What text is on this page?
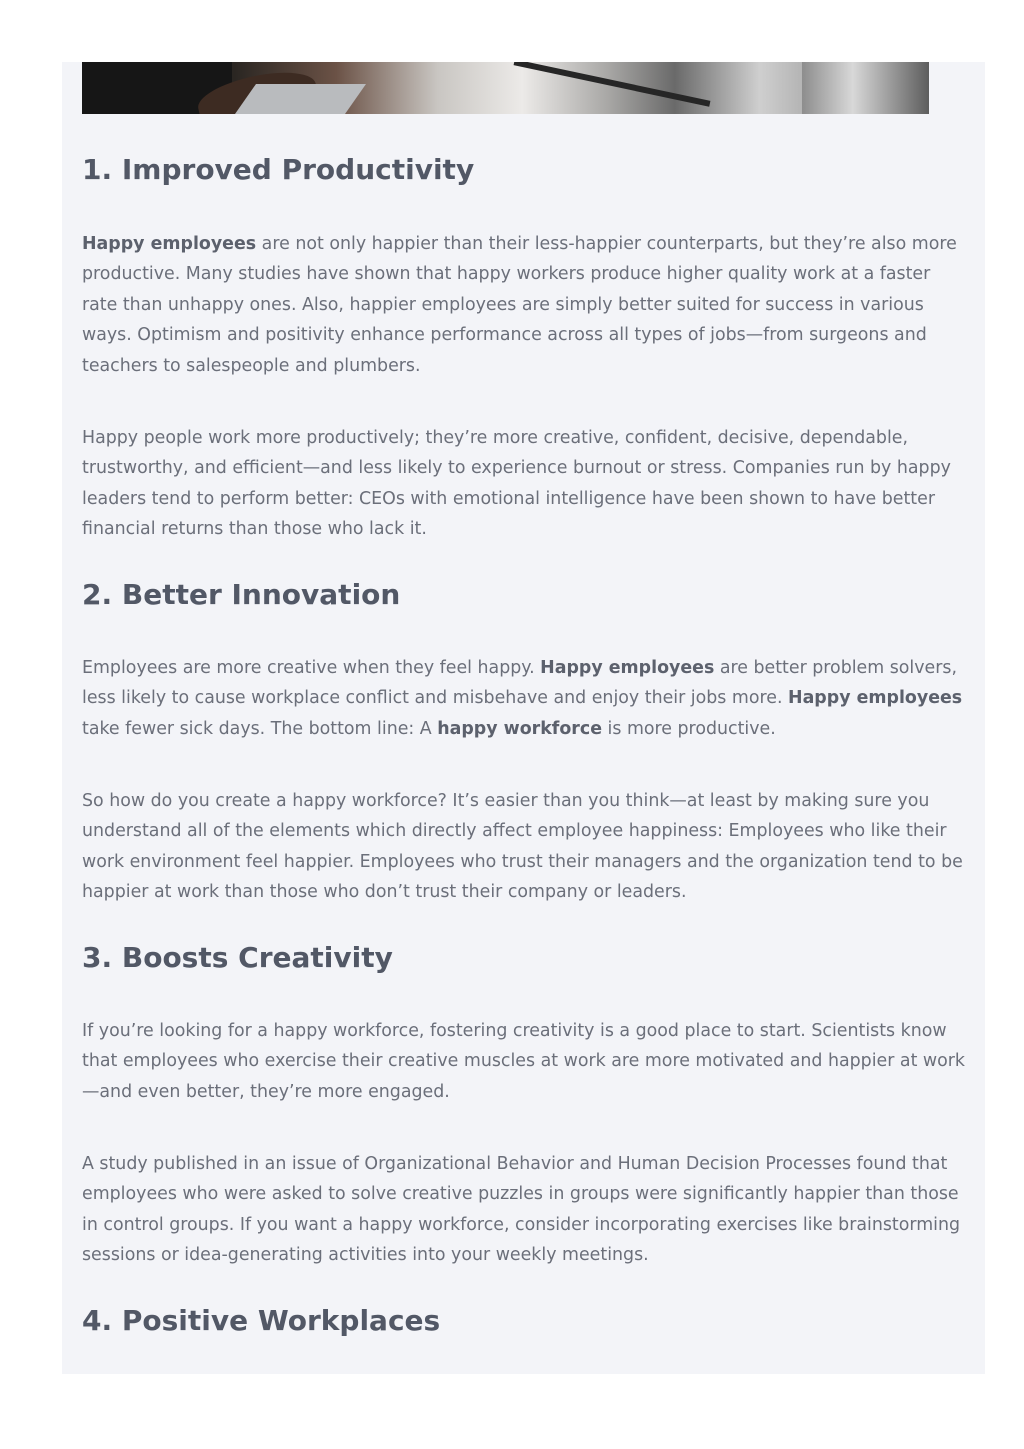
1. Improved Productivity

Happy employees are not only happier than their less-happier counterparts, but they’re also more productive. Many studies have shown that happy workers produce higher quality work at a faster rate than unhappy ones. Also, happier employees are simply better suited for success in various ways. Optimism and positivity enhance performance across all types of jobs—from surgeons and teachers to salespeople and plumbers.

Happy people work more productively; they’re more creative, confident, decisive, dependable, trustworthy, and efficient—and less likely to experience burnout or stress. Companies run by happy leaders tend to perform better: CEOs with emotional intelligence have been shown to have better financial returns than those who lack it.

2. Better Innovation

Employees are more creative when they feel happy. Happy employees are better problem solvers, less likely to cause workplace conflict and misbehave and enjoy their jobs more. Happy employees take fewer sick days. The bottom line: A happy workforce is more productive.

So how do you create a happy workforce? It’s easier than you think—at least by making sure you understand all of the elements which directly affect employee happiness: Employees who like their work environment feel happier. Employees who trust their managers and the organization tend to be happier at work than those who don’t trust their company or leaders.

3. Boosts Creativity

If you’re looking for a happy workforce, fostering creativity is a good place to start. Scientists know that employees who exercise their creative muscles at work are more motivated and happier at work—and even better, they’re more engaged.

A study published in an issue of Organizational Behavior and Human Decision Processes found that employees who were asked to solve creative puzzles in groups were significantly happier than those in control groups. If you want a happy workforce, consider incorporating exercises like brainstorming sessions or idea-generating activities into your weekly meetings.

4. Positive Workplaces
